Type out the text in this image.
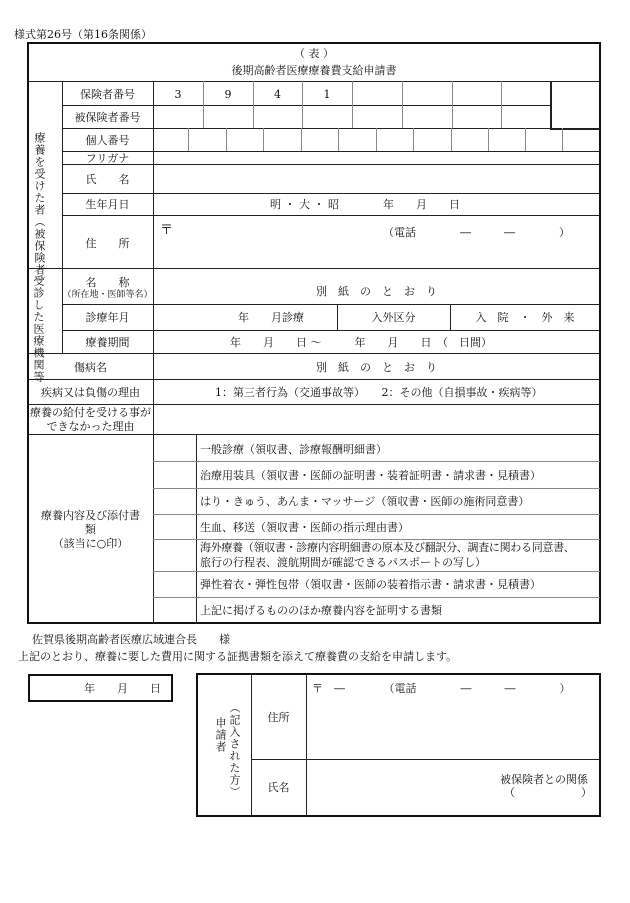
様式第26号（第16条関係）
（ 表 ）
後期高齢者医療療養費支給申請書
療養を受けた者（被保険者）
保険者番号	3	9	4	1
被保険者番号
個人番号
フリガナ
氏　　名
生年月日	明 ・ 大 ・ 昭　　　　年　　月　　日
住　　所
〒	（電話　　　　―　　　―　　　　）
受診した医療機関等	名　　称
（所在地・医師等名）	別　紙　の　と　お　り
診療年月	年　　月診療	入外区分	入　院　・　外　来
療養期間	年　　月　　日 ～　　　年　　月　　日　（　日間）
傷病名	別　紙　の　と　お　り
疾病又は負傷の理由	1：第三者行為（交通事故等）　　2：その他（自損事故・疾病等）
療養の給付を受ける事が
できなかった理由
療養内容及び添付書
類
（該当に○印）
一般診療（領収書、診療報酬明細書）
治療用装具（領収書・医師の証明書・装着証明書・請求書・見積書）
はり・きゅう、あんま・マッサージ（領収書・医師の施術同意書）
生血、移送（領収書・医師の指示理由書）
海外療養（領収書・診療内容明細書の原本及び翻訳分、調査に関わる同意書、
旅行の行程表、渡航期間が確認できるパスポートの写し）
弾性着衣・弾性包帯（領収書・医師の装着指示書・請求書・見積書）
上記に掲げるもののほか療養内容を証明する書類
佐賀県後期高齢者医療広域連合長　　様
上記のとおり、療養に要した費用に関する証拠書類を添えて療養費の支給を申請します。
年　　月　　日
申請者 （記入された方）	住所
〒　―　　　　（電話　　　　―　　　―　　　　）
氏名
被保険者との関係
（　　　　　　）
